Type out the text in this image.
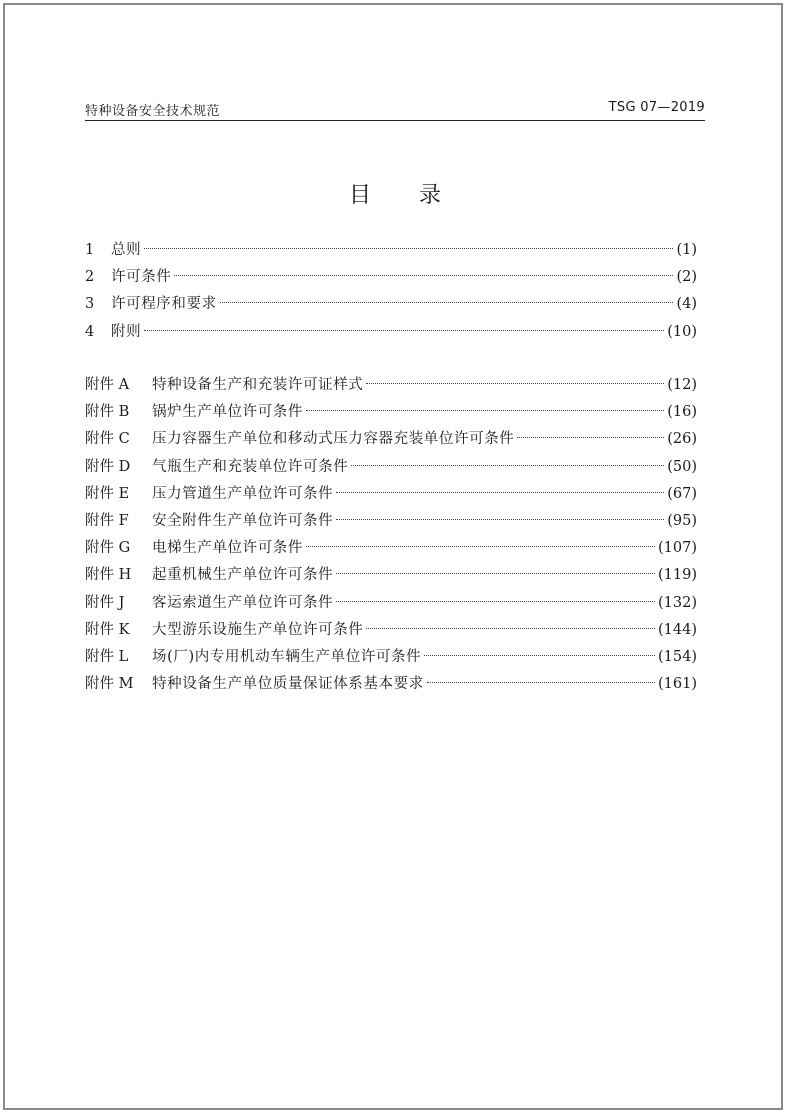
特种设备安全技术规范	TSG 07—2019
目录
1	总则	(1)
2	许可条件	(2)
3	许可程序和要求	(4)
4	附则	(10)
附件 A	特种设备生产和充装许可证样式	(12)
附件 B	锅炉生产单位许可条件	(16)
附件 C	压力容器生产单位和移动式压力容器充装单位许可条件	(26)
附件 D	气瓶生产和充装单位许可条件	(50)
附件 E	压力管道生产单位许可条件	(67)
附件 F	安全附件生产单位许可条件	(95)
附件 G	电梯生产单位许可条件	(107)
附件 H	起重机械生产单位许可条件	(119)
附件 J	客运索道生产单位许可条件	(132)
附件 K	大型游乐设施生产单位许可条件	(144)
附件 L	场(厂)内专用机动车辆生产单位许可条件	(154)
附件 M	特种设备生产单位质量保证体系基本要求	(161)
